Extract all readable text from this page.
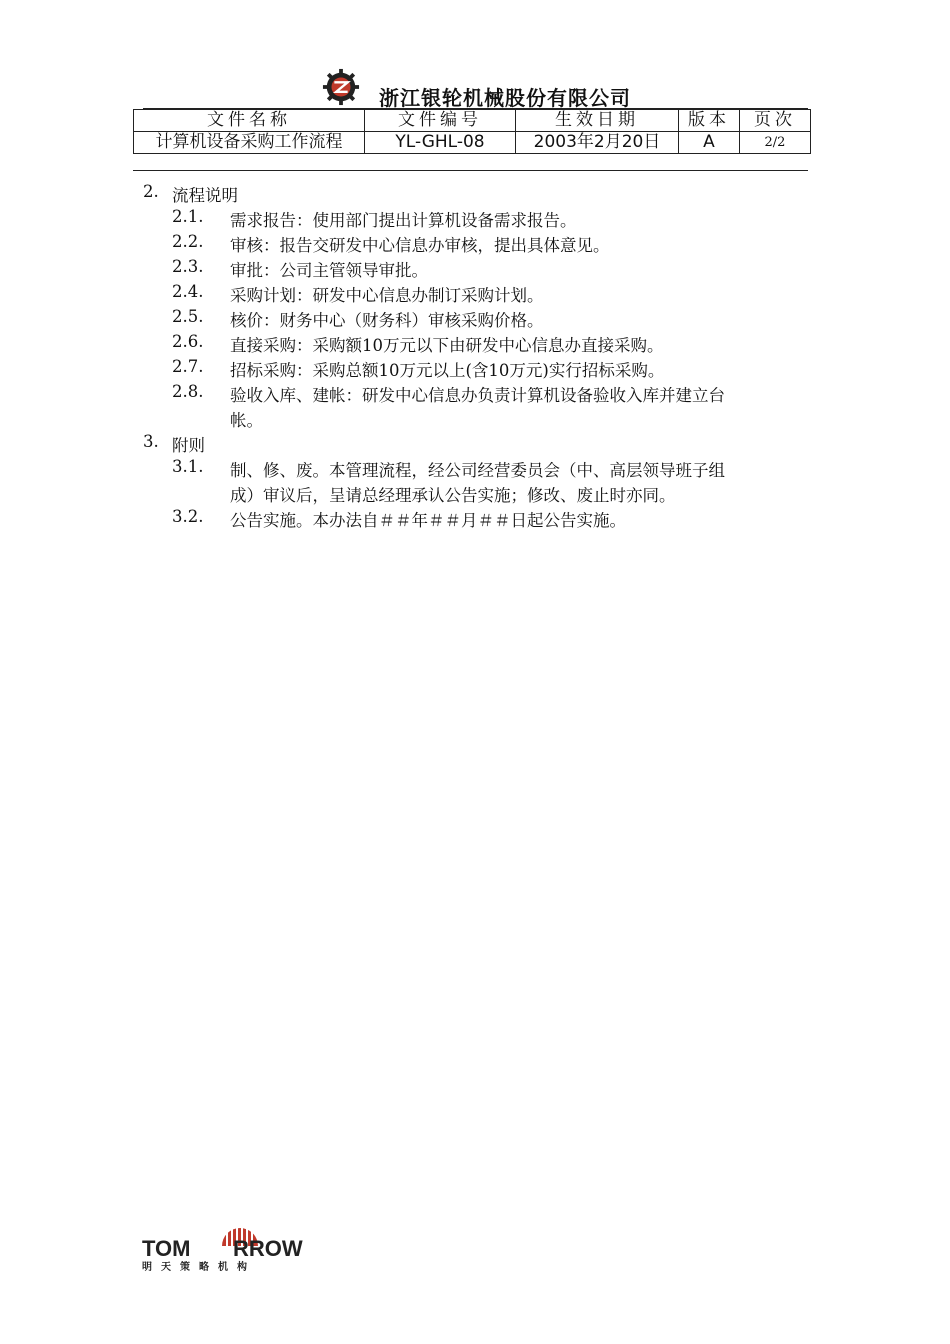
浙江银轮机械股份有限公司
文件名称	文件编号	生效日期	版本	页次
计算机设备采购工作流程	YL-GHL-08	2003年2月20日	A	2/2
2. 流程说明
2.1. 需求报告：使用部门提出计算机设备需求报告。
2.2. 审核：报告交研发中心信息办审核，提出具体意见。
2.3. 审批：公司主管领导审批。
2.4. 采购计划：研发中心信息办制订采购计划。
2.5. 核价：财务中心（财务科）审核采购价格。
2.6. 直接采购：采购额10万元以下由研发中心信息办直接采购。
2.7. 招标采购：采购总额10万元以上(含10万元)实行招标采购。
2.8. 验收入库、建帐：研发中心信息办负责计算机设备验收入库并建立台
帐。
3. 附则
3.1. 制、修、废。本管理流程，经公司经营委员会（中、高层领导班子组
成）审议后，呈请总经理承认公告实施；修改、废止时亦同。
3.2. 公告实施。本办法自＃＃年＃＃月＃＃日起公告实施。
TOM RROW
明天策略机构
